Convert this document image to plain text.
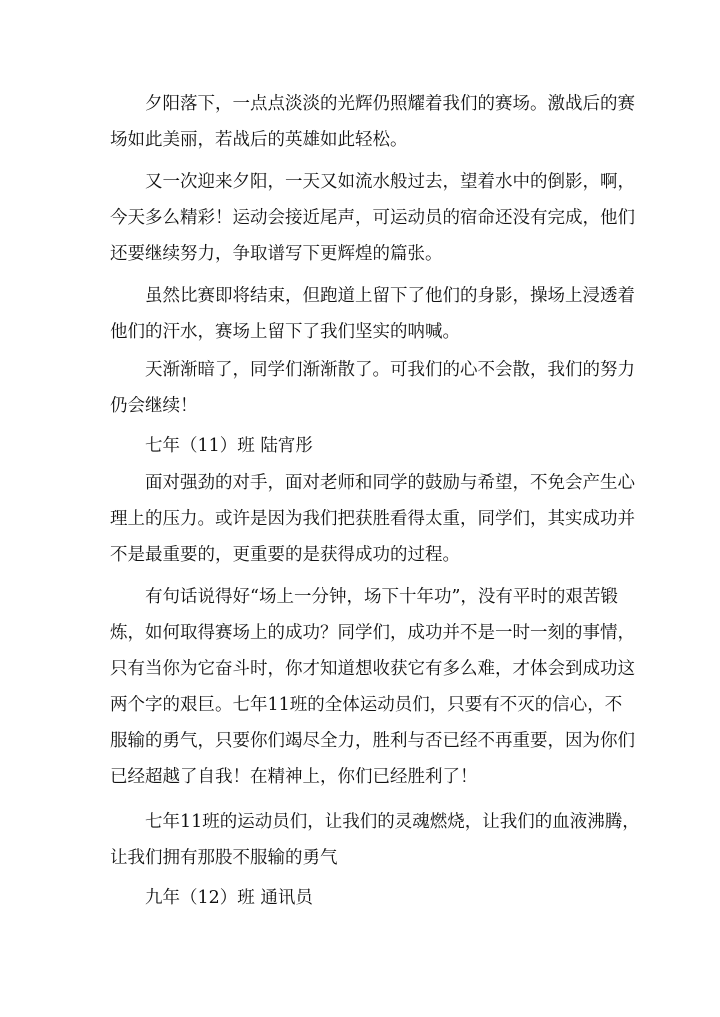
夕阳落下，一点点淡淡的光辉仍照耀着我们的赛场。激战后的赛
场如此美丽，若战后的英雄如此轻松。
又一次迎来夕阳，一天又如流水般过去，望着水中的倒影，啊，
今天多么精彩！运动会接近尾声，可运动员的宿命还没有完成，他们
还要继续努力，争取谱写下更辉煌的篇张。
虽然比赛即将结束，但跑道上留下了他们的身影，操场上浸透着
他们的汗水，赛场上留下了我们坚实的呐喊。
天渐渐暗了，同学们渐渐散了。可我们的心不会散，我们的努力
仍会继续！
七年（11）班 陆宵彤
面对强劲的对手，面对老师和同学的鼓励与希望，不免会产生心
理上的压力。或许是因为我们把获胜看得太重，同学们，其实成功并
不是最重要的，更重要的是获得成功的过程。
有句话说得好“场上一分钟，场下十年功”，没有平时的艰苦锻
炼，如何取得赛场上的成功？同学们，成功并不是一时一刻的事情，
只有当你为它奋斗时，你才知道想收获它有多么难，才体会到成功这
两个字的艰巨。七年11班的全体运动员们，只要有不灭的信心，不
服输的勇气，只要你们竭尽全力，胜利与否已经不再重要，因为你们
已经超越了自我！在精神上，你们已经胜利了！
七年11班的运动员们，让我们的灵魂燃烧，让我们的血液沸腾，
让我们拥有那股不服输的勇气
九年（12）班 通讯员
